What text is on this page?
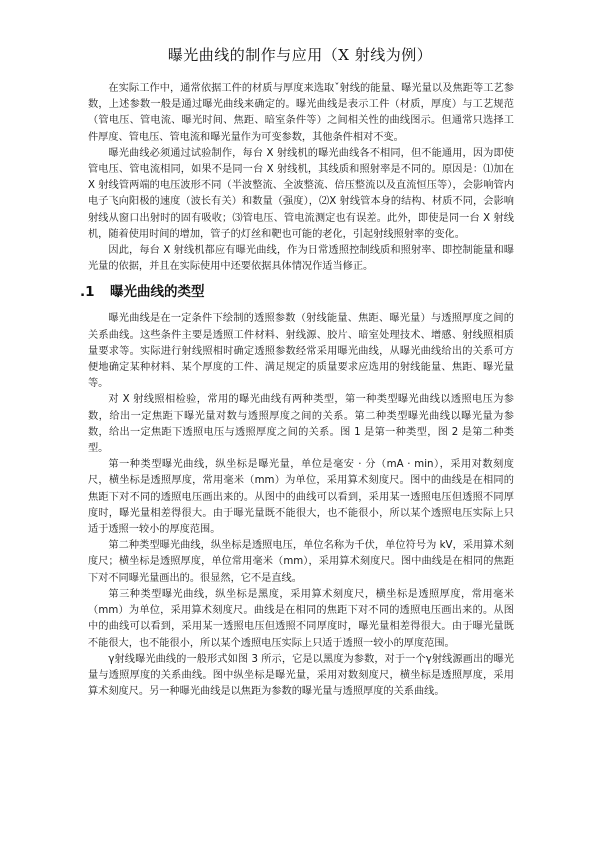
曝光曲线的制作与应用（X 射线为例）

在实际工作中，通常依据工件的材质与厚度来选取ˇ射线的能量、曝光量以及焦距等工艺参数，上述参数一般是通过曝光曲线来确定的。曝光曲线是表示工件（材质，厚度）与工艺规范（管电压、管电流、曝光时间、焦距、暗室条件等）之间相关性的曲线图示。但通常只选择工件厚度、管电压、管电流和曝光量作为可变参数，其他条件相对不变。

曝光曲线必须通过试验制作，每台 X 射线机的曝光曲线各不相同，但不能通用，因为即使管电压、管电流相同，如果不是同一台 X 射线机，其线质和照射率是不同的。原因是：⑴加在 X 射线管两端的电压波形不同（半波整流、全波整流、倍压整流以及直流恒压等），会影响管内电子飞向阳极的速度（波长有关）和数量（强度），⑵X 射线管本身的结构、材质不同，会影响射线从窗口出射时的固有吸收；⑶管电压、管电流测定也有误差。此外，即使是同一台 X 射线机，随着使用时间的增加，管子的灯丝和靶也可能的老化，引起射线照射率的变化。

因此，每台 X 射线机都应有曝光曲线，作为日常透照控制线质和照射率、即控制能量和曝光量的依据，并且在实际使用中还要依据具体情况作适当修正。

.1 曝光曲线的类型

曝光曲线是在一定条件下绘制的透照参数（射线能量、焦距、曝光量）与透照厚度之间的关系曲线。这些条件主要是透照工件材料、射线源、胶片、暗室处理技术、增感、射线照相质量要求等。实际进行射线照相时确定透照参数经常采用曝光曲线，从曝光曲线给出的关系可方便地确定某种材料、某个厚度的工件、满足规定的质量要求应选用的射线能量、焦距、曝光量等。

对 X 射线照相检验，常用的曝光曲线有两种类型，第一种类型曝光曲线以透照电压为参数，给出一定焦距下曝光量对数与透照厚度之间的关系。第二种类型曝光曲线以曝光量为参数，给出一定焦距下透照电压与透照厚度之间的关系。图 1 是第一种类型，图 2 是第二种类型。

第一种类型曝光曲线，纵坐标是曝光量，单位是毫安 · 分（mA · min），采用对数刻度尺，横坐标是透照厚度，常用毫米（mm）为单位，采用算术刻度尺。图中的曲线是在相同的焦距下对不同的透照电压画出来的。从图中的曲线可以看到，采用某一透照电压但透照不同厚度时，曝光量相差得很大。由于曝光量既不能很大，也不能很小，所以某个透照电压实际上只适于透照一较小的厚度范围。

第二种类型曝光曲线，纵坐标是透照电压，单位名称为千伏，单位符号为 kV，采用算术刻度尺；横坐标是透照厚度，单位常用毫米（mm），采用算术刻度尺。图中曲线是在相同的焦距下对不同曝光量画出的。很显然，它不是直线。

第三种类型曝光曲线，纵坐标是黑度，采用算术刻度尺，横坐标是透照厚度，常用毫米（mm）为单位，采用算术刻度尺。曲线是在相同的焦距下对不同的透照电压画出来的。从图中的曲线可以看到，采用某一透照电压但透照不同厚度时，曝光量相差得很大。由于曝光量既不能很大，也不能很小，所以某个透照电压实际上只适于透照一较小的厚度范围。

γ射线曝光曲线的一般形式如图 3 所示，它是以黑度为参数，对于一个γ射线源画出的曝光量与透照厚度的关系曲线。图中纵坐标是曝光量，采用对数刻度尺，横坐标是透照厚度，采用算术刻度尺。另一种曝光曲线是以焦距为参数的曝光量与透照厚度的关系曲线。
